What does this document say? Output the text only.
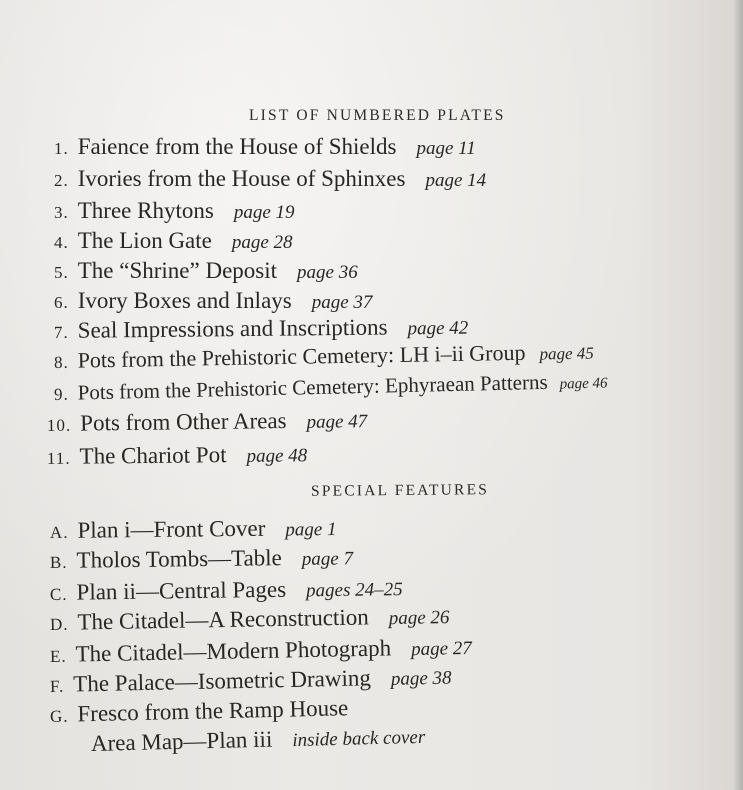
LIST OF NUMBERED PLATES
1. Faience from the House of Shields page 11
2. Ivories from the House of Sphinxes page 14
3. Three Rhytons page 19
4. The Lion Gate page 28
5. The “Shrine” Deposit page 36
6. Ivory Boxes and Inlays page 37
7. Seal Impressions and Inscriptions page 42
8. Pots from the Prehistoric Cemetery: LH i–ii Group page 45
9. Pots from the Prehistoric Cemetery: Ephyraean Patterns page 46
10. Pots from Other Areas page 47
11. The Chariot Pot page 48
SPECIAL FEATURES
A. Plan i—Front Cover page 1
B. Tholos Tombs—Table page 7
C. Plan ii—Central Pages pages 24–25
D. The Citadel—A Reconstruction page 26
E. The Citadel—Modern Photograph page 27
F. The Palace—Isometric Drawing page 38
G. Fresco from the Ramp House
Area Map—Plan iii inside back cover
